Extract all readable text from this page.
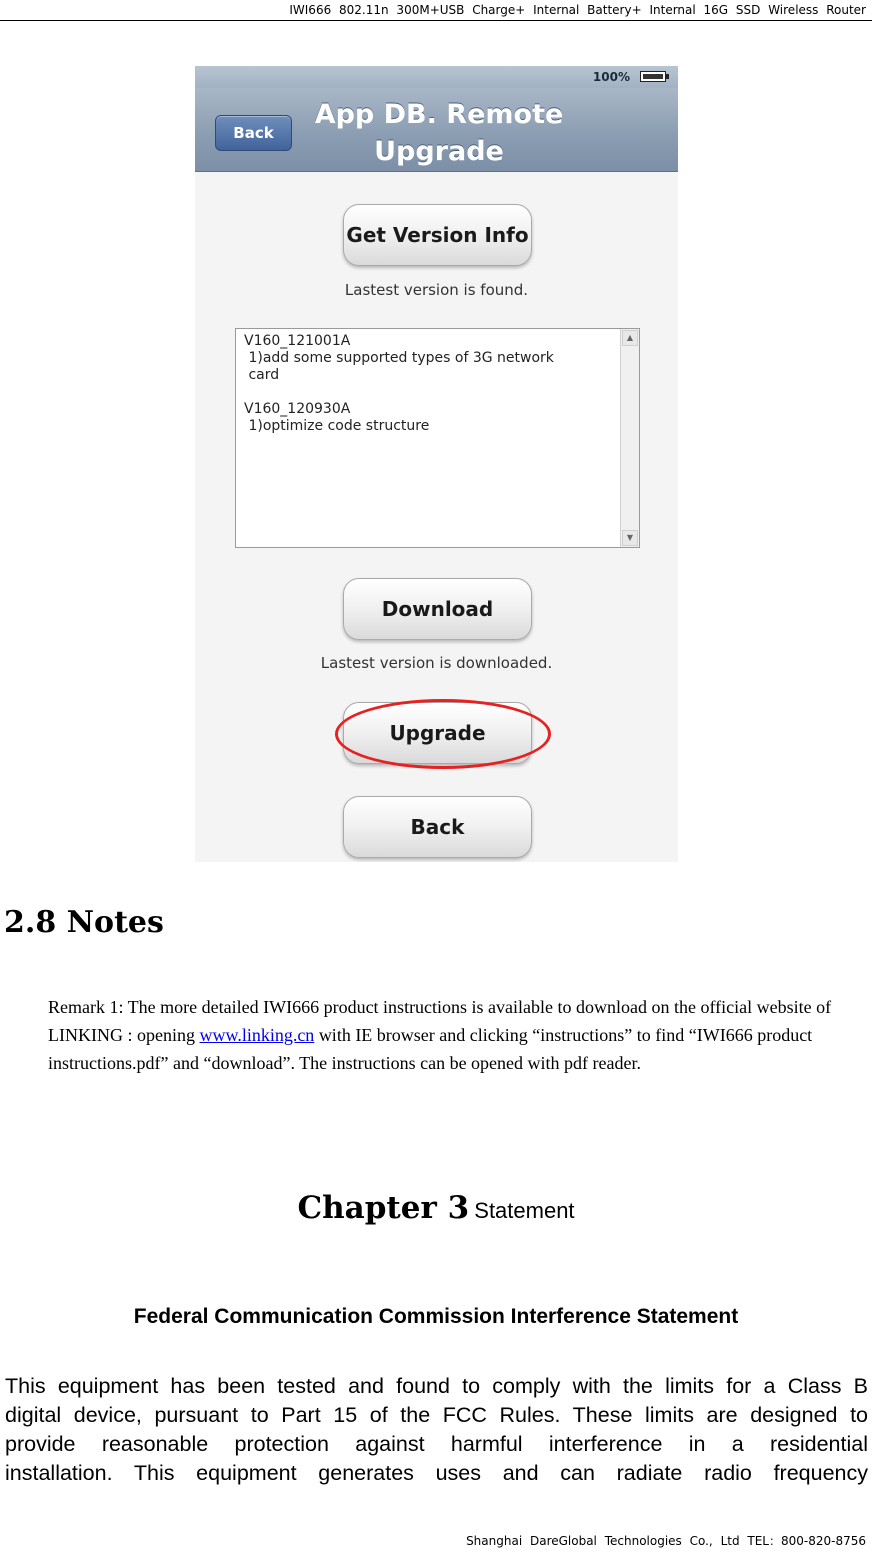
IWI666 802.11n 300M+USB Charge+ Internal Battery+ Internal 16G SSD Wireless Router
100%
Back
App DB. Remote
Upgrade
Get Version Info
Lastest version is found.
V160_121001A
1)add some supported types of 3G network
card

V160_120930A
1)optimize code structure
▲
▼
Download
Lastest version is downloaded.
Upgrade
Back
2.8 Notes
Remark 1: The more detailed IWI666 product instructions is available to download on the official website of LINKING : opening www.linking.cn with IE browser and clicking “instructions” to find “IWI666 product instructions.pdf” and “download”. The instructions can be opened with pdf reader.
Chapter 3 Statement
Federal Communication Commission Interference Statement
This equipment has been tested and found to comply with the limits for a Class B
digital device, pursuant to Part 15 of the FCC Rules. These limits are designed to
provide reasonable protection against harmful interference in a residential
installation. This equipment generates uses and can radiate radio frequency
Shanghai DareGlobal Technologies Co., Ltd TEL：800-820-8756
